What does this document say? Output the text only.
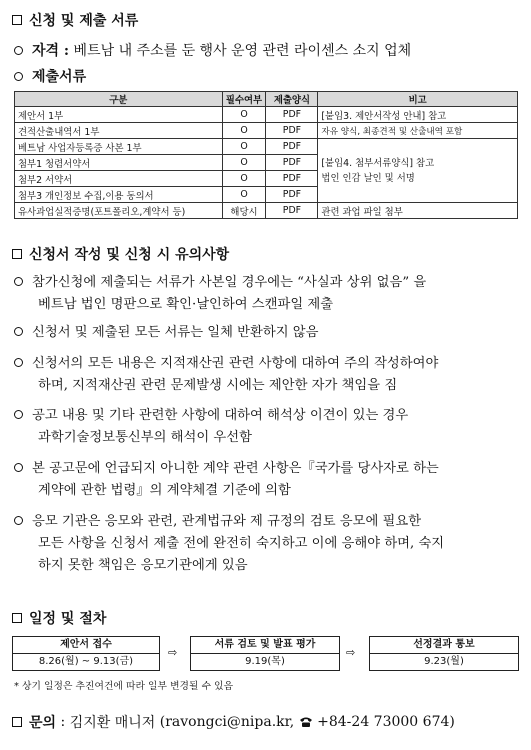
신청 및 제출 서류
자격 :
베트남 내 주소를 둔 행사 운영 관련 라이센스 소지 업체
제출서류
구분	필수여부	제출양식	비고
제안서 1부	O	PDF	[붙임3. 제안서작성 안내] 참고
견적산출내역서 1부	O	PDF	자유 양식, 최종견적 및 산출내역 포함
베트남 사업자등록증 사본 1부	O	PDF	[붙임4. 첨부서류양식] 참고
법인 인감 날인 및 서명

첨부1 청렴서약서	O	PDF	
첨부2 서약서	O	PDF	
첨부3 개인정보 수집,이용 동의서	O	PDF	
유사과업실적증명(포트폴리오,계약서 등)	해당시	PDF	관련 과업 파일 첨부
신청서 작성 및 신청 시 유의사항
참가신청에 제출되는 서류가 사본일 경우에는 “사실과 상위 없음” 을
베트남 법인 명판으로 확인·날인하여 스캔파일 제출
신청서 및 제출된 모든 서류는 일체 반환하지 않음
신청서의 모든 내용은 지적재산권 관련 사항에 대하여 주의 작성하여야
하며, 지적재산권 관련 문제발생 시에는 제안한 자가 책임을 짐
공고 내용 및 기타 관련한 사항에 대하여 해석상 이견이 있는 경우
과학기술정보통신부의 해석이 우선함
본 공고문에 언급되지 아니한 계약 관련 사항은『국가를 당사자로 하는
계약에 관한 법령』의 계약체결 기준에 의함
응모 기관은 응모와 관련, 관계법규와 제 규정의 검토 응모에 필요한
모든 사항을 신청서 제출 전에 완전히 숙지하고 이에 응해야 하며, 숙지
하지 못한 책임은 응모기관에게 있음
일정 및 절차
제안서 접수
8.26(월) ~ 9.13(금)
⇨
서류 검토 및 발표 평가
9.19(목)
⇨
선정결과 통보
9.23(월)
* 상기 일정은 추진여건에 따라 일부 변경될 수 있음
문의
:
김지환 매니저
(ravongci@nipa.kr,

+84-24 73000 674)
